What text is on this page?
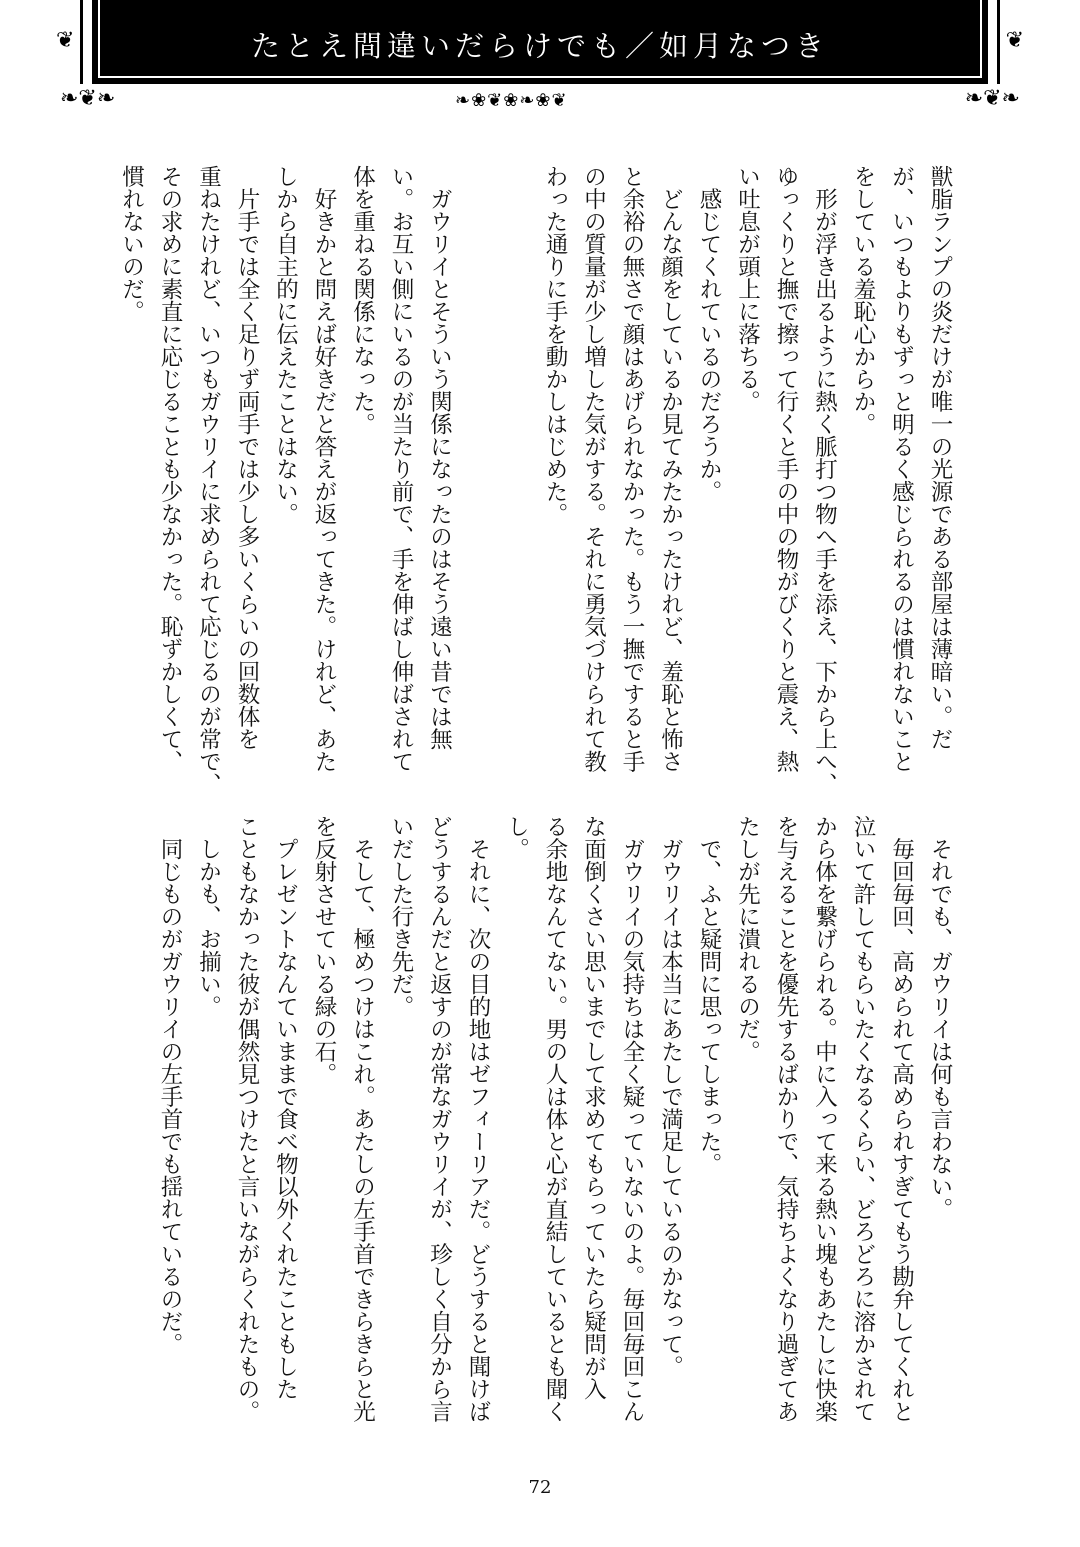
たとえ間違いだらけでも／如月なつき
❦
❧❦❧
❦
❧❦❧
❧❀❦❀❧❀❦
獣脂ランプの炎だけが唯一の光源である部屋は薄暗い。だ
が、いつもよりもずっと明るく感じられるのは慣れないこと
をしている羞恥心からか。
　形が浮き出るように熱く脈打つ物へ手を添え、下から上へ、
ゆっくりと撫で擦って行くと手の中の物がびくりと震え、熱
い吐息が頭上に落ちる。
　感じてくれているのだろうか。
　どんな顔をしているか見てみたかったけれど、羞恥と怖さ
と余裕の無さで顔はあげられなかった。もう一撫ですると手
の中の質量が少し増した気がする。それに勇気づけられて教
わった通りに手を動かしはじめた。
　ガウリイとそういう関係になったのはそう遠い昔では無
い。お互い側にいるのが当たり前で、手を伸ばし伸ばされて
体を重ねる関係になった。
　好きかと問えば好きだと答えが返ってきた。けれど、あた
しから自主的に伝えたことはない。
　片手では全く足りず両手では少し多いくらいの回数体を
重ねたけれど、いつもガウリイに求められて応じるのが常で、
その求めに素直に応じることも少なかった。恥ずかしくて、
慣れないのだ。
　それでも、ガウリイは何も言わない。
　毎回毎回、高められて高められすぎてもう勘弁してくれと
泣いて許してもらいたくなるくらい、どろどろに溶かされて
から体を繋げられる。中に入って来る熱い塊もあたしに快楽
を与えることを優先するばかりで、気持ちよくなり過ぎてあ
たしが先に潰れるのだ。
　で、ふと疑問に思ってしまった。
　ガウリイは本当にあたしで満足しているのかなって。
　ガウリイの気持ちは全く疑っていないのよ。毎回毎回こん
な面倒くさい思いまでして求めてもらっていたら疑問が入
る余地なんてない。男の人は体と心が直結しているとも聞く
し。
　それに、次の目的地はゼフィーリアだ。どうすると聞けば
どうするんだと返すのが常なガウリイが、珍しく自分から言
いだした行き先だ。
　そして、極めつけはこれ。あたしの左手首できらきらと光
を反射させている緑の石。
　プレゼントなんていままで食べ物以外くれたこともした
こともなかった彼が偶然見つけたと言いながらくれたもの。
　しかも、お揃い。
　同じものがガウリイの左手首でも揺れているのだ。
72
